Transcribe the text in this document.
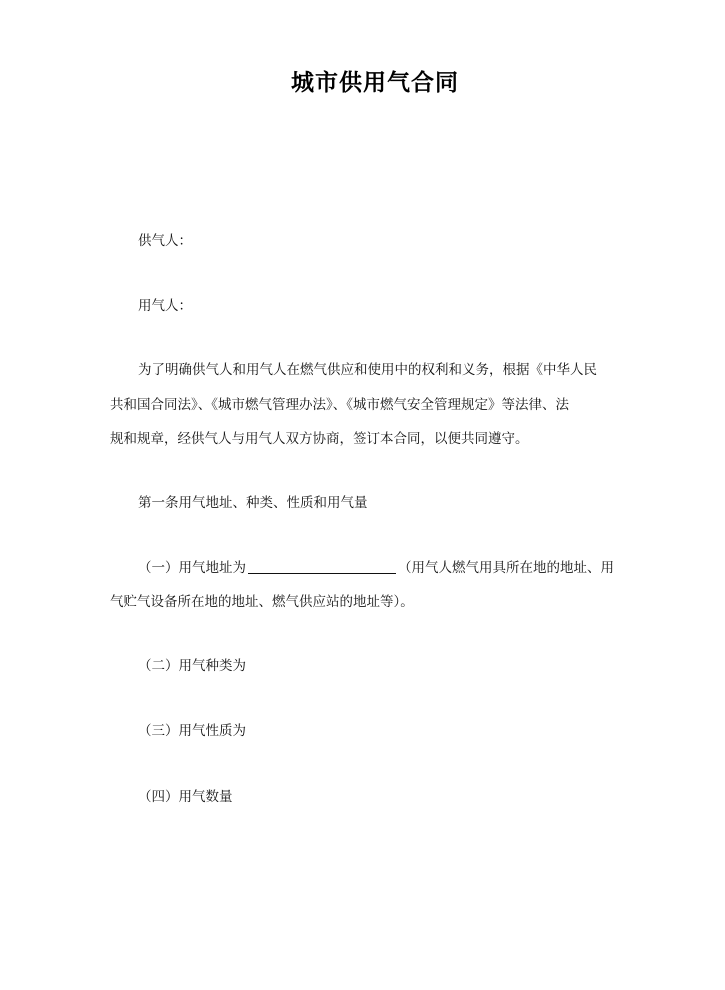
城市供用气合同
供气人：
用气人：
为了明确供气人和用气人在燃气供应和使用中的权利和义务，根据《中华人民
共和国合同法》、《城市燃气管理办法》、《城市燃气安全管理规定》等法律、法
规和规章，经供气人与用气人双方协商，签订本合同，以便共同遵守。
第一条用气地址、种类、性质和用气量
（一）用气地址为	（用气人燃气用具所在地的地址、用
气贮气设备所在地的地址、燃气供应站的地址等）。
（二）用气种类为
（三）用气性质为
（四）用气数量
